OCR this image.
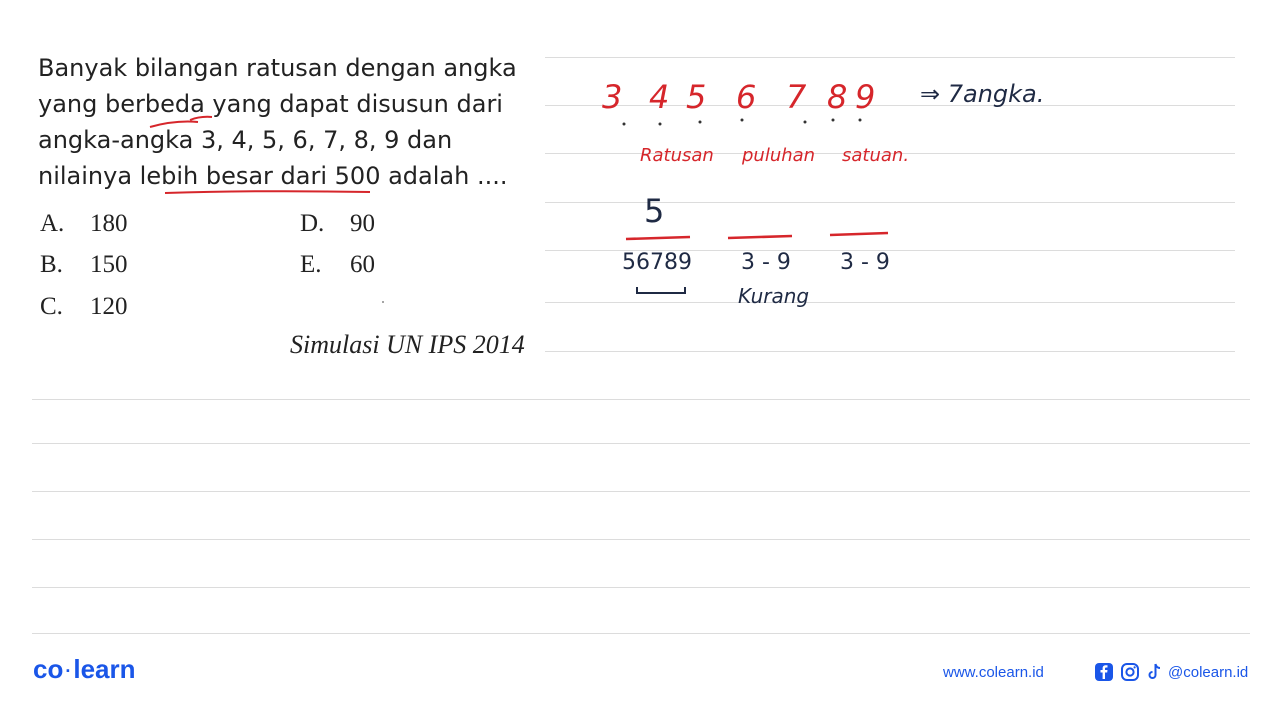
Banyak bilangan ratusan dengan angka
yang berbeda yang dapat disusun dari
angka-angka 3, 4, 5, 6, 7, 8, 9 dan
nilainya lebih besar dari 500 adalah ....
A. 180
B. 150
C. 120
D. 90
E. 60
Simulasi UN IPS 2014
3 4 5 6 7 8 9 ⇒ 7angka.
Ratusan puluhan satuan.
5
56789 3 - 9 3 - 9
Kurang
co ·learn	www.colearn.id	@colearn.id
